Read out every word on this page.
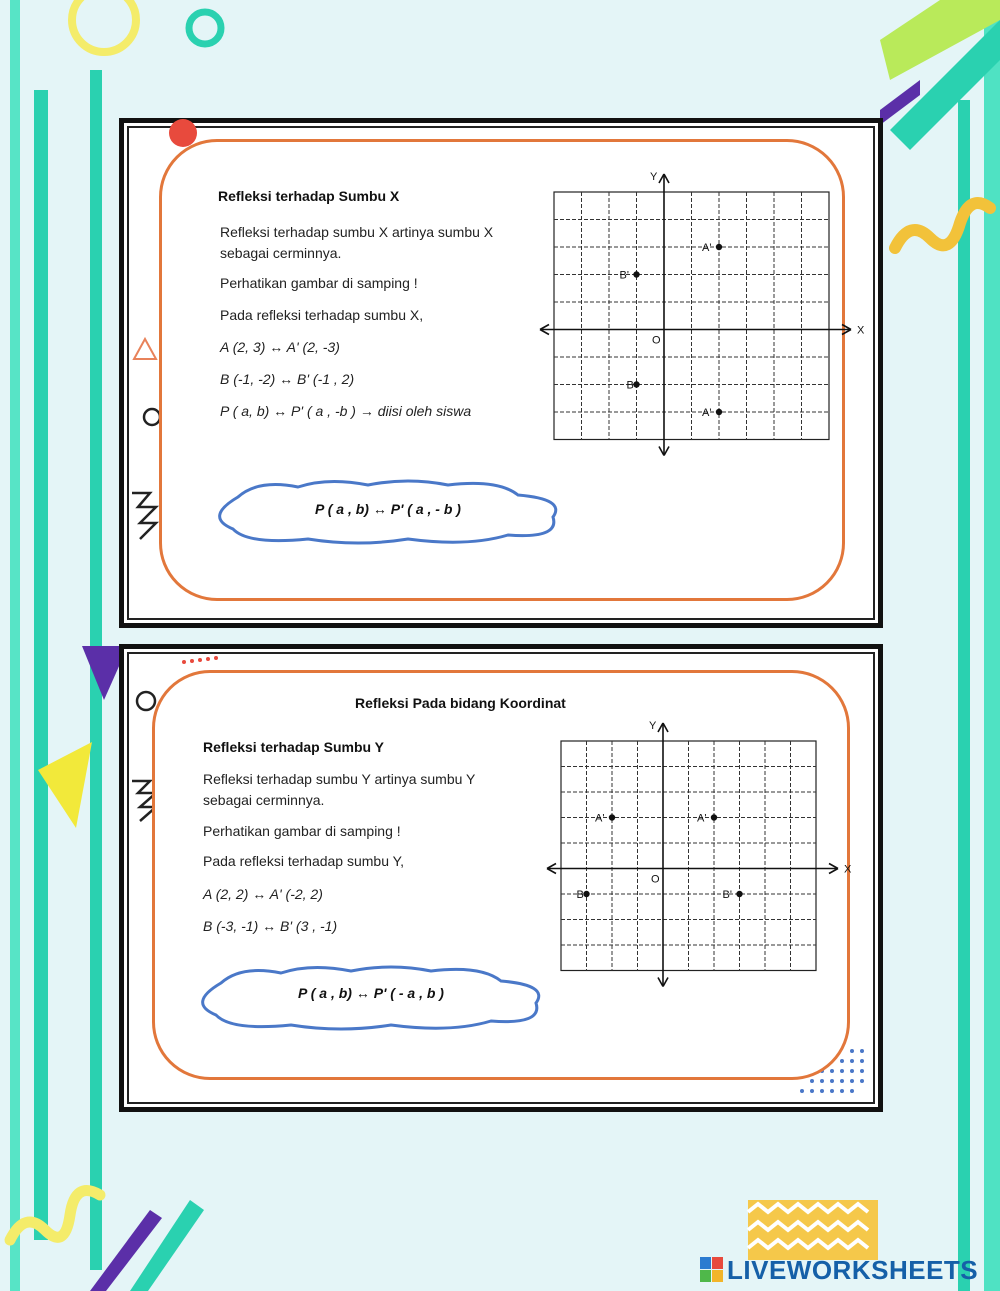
Refleksi terhadap Sumbu X
Refleksi terhadap sumbu X artinya sumbu X sebagai cerminnya.
Perhatikan gambar di samping !
Pada refleksi terhadap sumbu X,
A (2, 3) ↔ A' (2, -3)
B (-1, -2) ↔ B' (-1 , 2)
P ( a, b) ↔ P' ( a , -b ) → diisi oleh siswa
P ( a , b) ↔ P' ( a , - b )
X
Y
O
A'
B'
B
A'
Refleksi Pada bidang Koordinat
Refleksi terhadap Sumbu Y
Refleksi terhadap sumbu Y artinya sumbu Y sebagai cerminnya.
Perhatikan gambar di samping !
Pada refleksi terhadap sumbu Y,
A (2, 2) ↔ A' (-2, 2)
B (-3, -1) ↔ B' (3 , -1)
P ( a , b) ↔ P' ( - a , b )
X
Y
O
A'	A'
B	B'
LIVEWORKSHEETS
